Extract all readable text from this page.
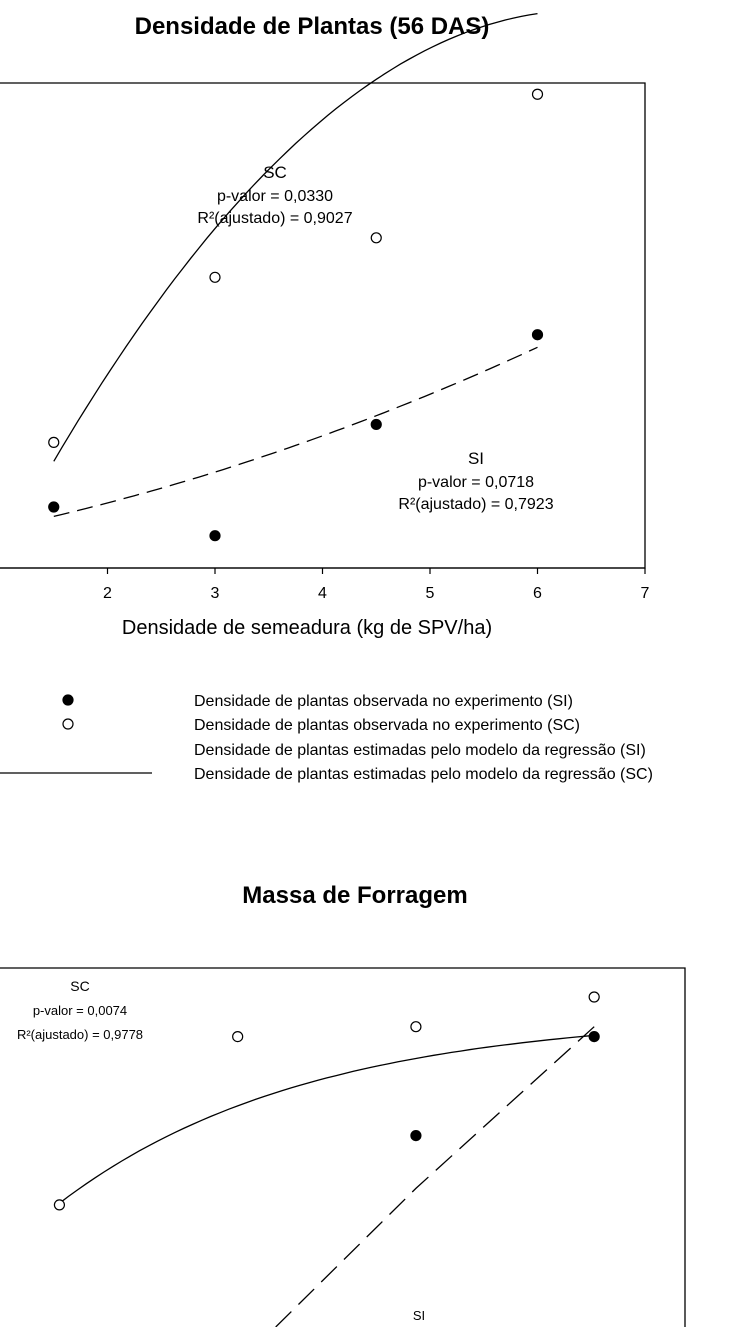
Densidade de Plantas (56 DAS)
2	3	4	5	6	7
Densidade de semeadura (kg de SPV/ha)
SC
p-valor = 0,0330
R²(ajustado) = 0,9027
SI
p-valor = 0,0718
R²(ajustado) = 0,7923
Densidade de plantas observada no experimento (SI)
Densidade de plantas observada no experimento (SC)
Densidade de plantas estimadas pelo modelo da regressão (SI)
Densidade de plantas estimadas pelo modelo da regressão (SC)
Massa de Forragem
SC
p-valor = 0,0074
R²(ajustado) = 0,9778
SI
